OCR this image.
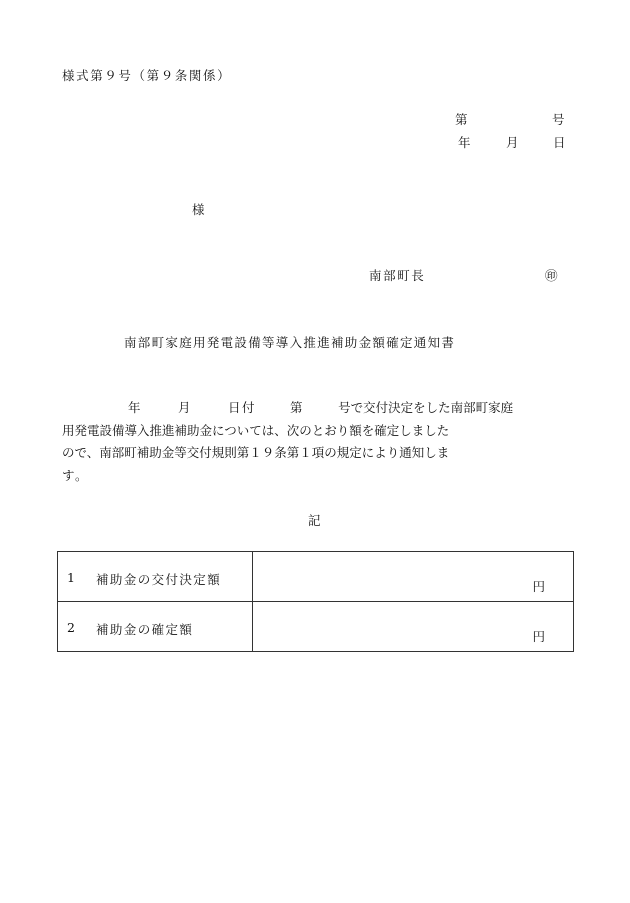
様式第９号（第９条関係）
第	号
年	月	日
様
南部町長	㊞
南部町家庭用発電設備等導入推進補助金額確定通知書
年	月	日付	第	号で交付決定をした南部町家庭
用発電設備導入推進補助金については、次のとおり額を確定しました
ので、南部町補助金等交付規則第１９条第１項の規定により通知しま
す。
記
1 補助金の交付決定額	円

2 補助金の確定額	円
